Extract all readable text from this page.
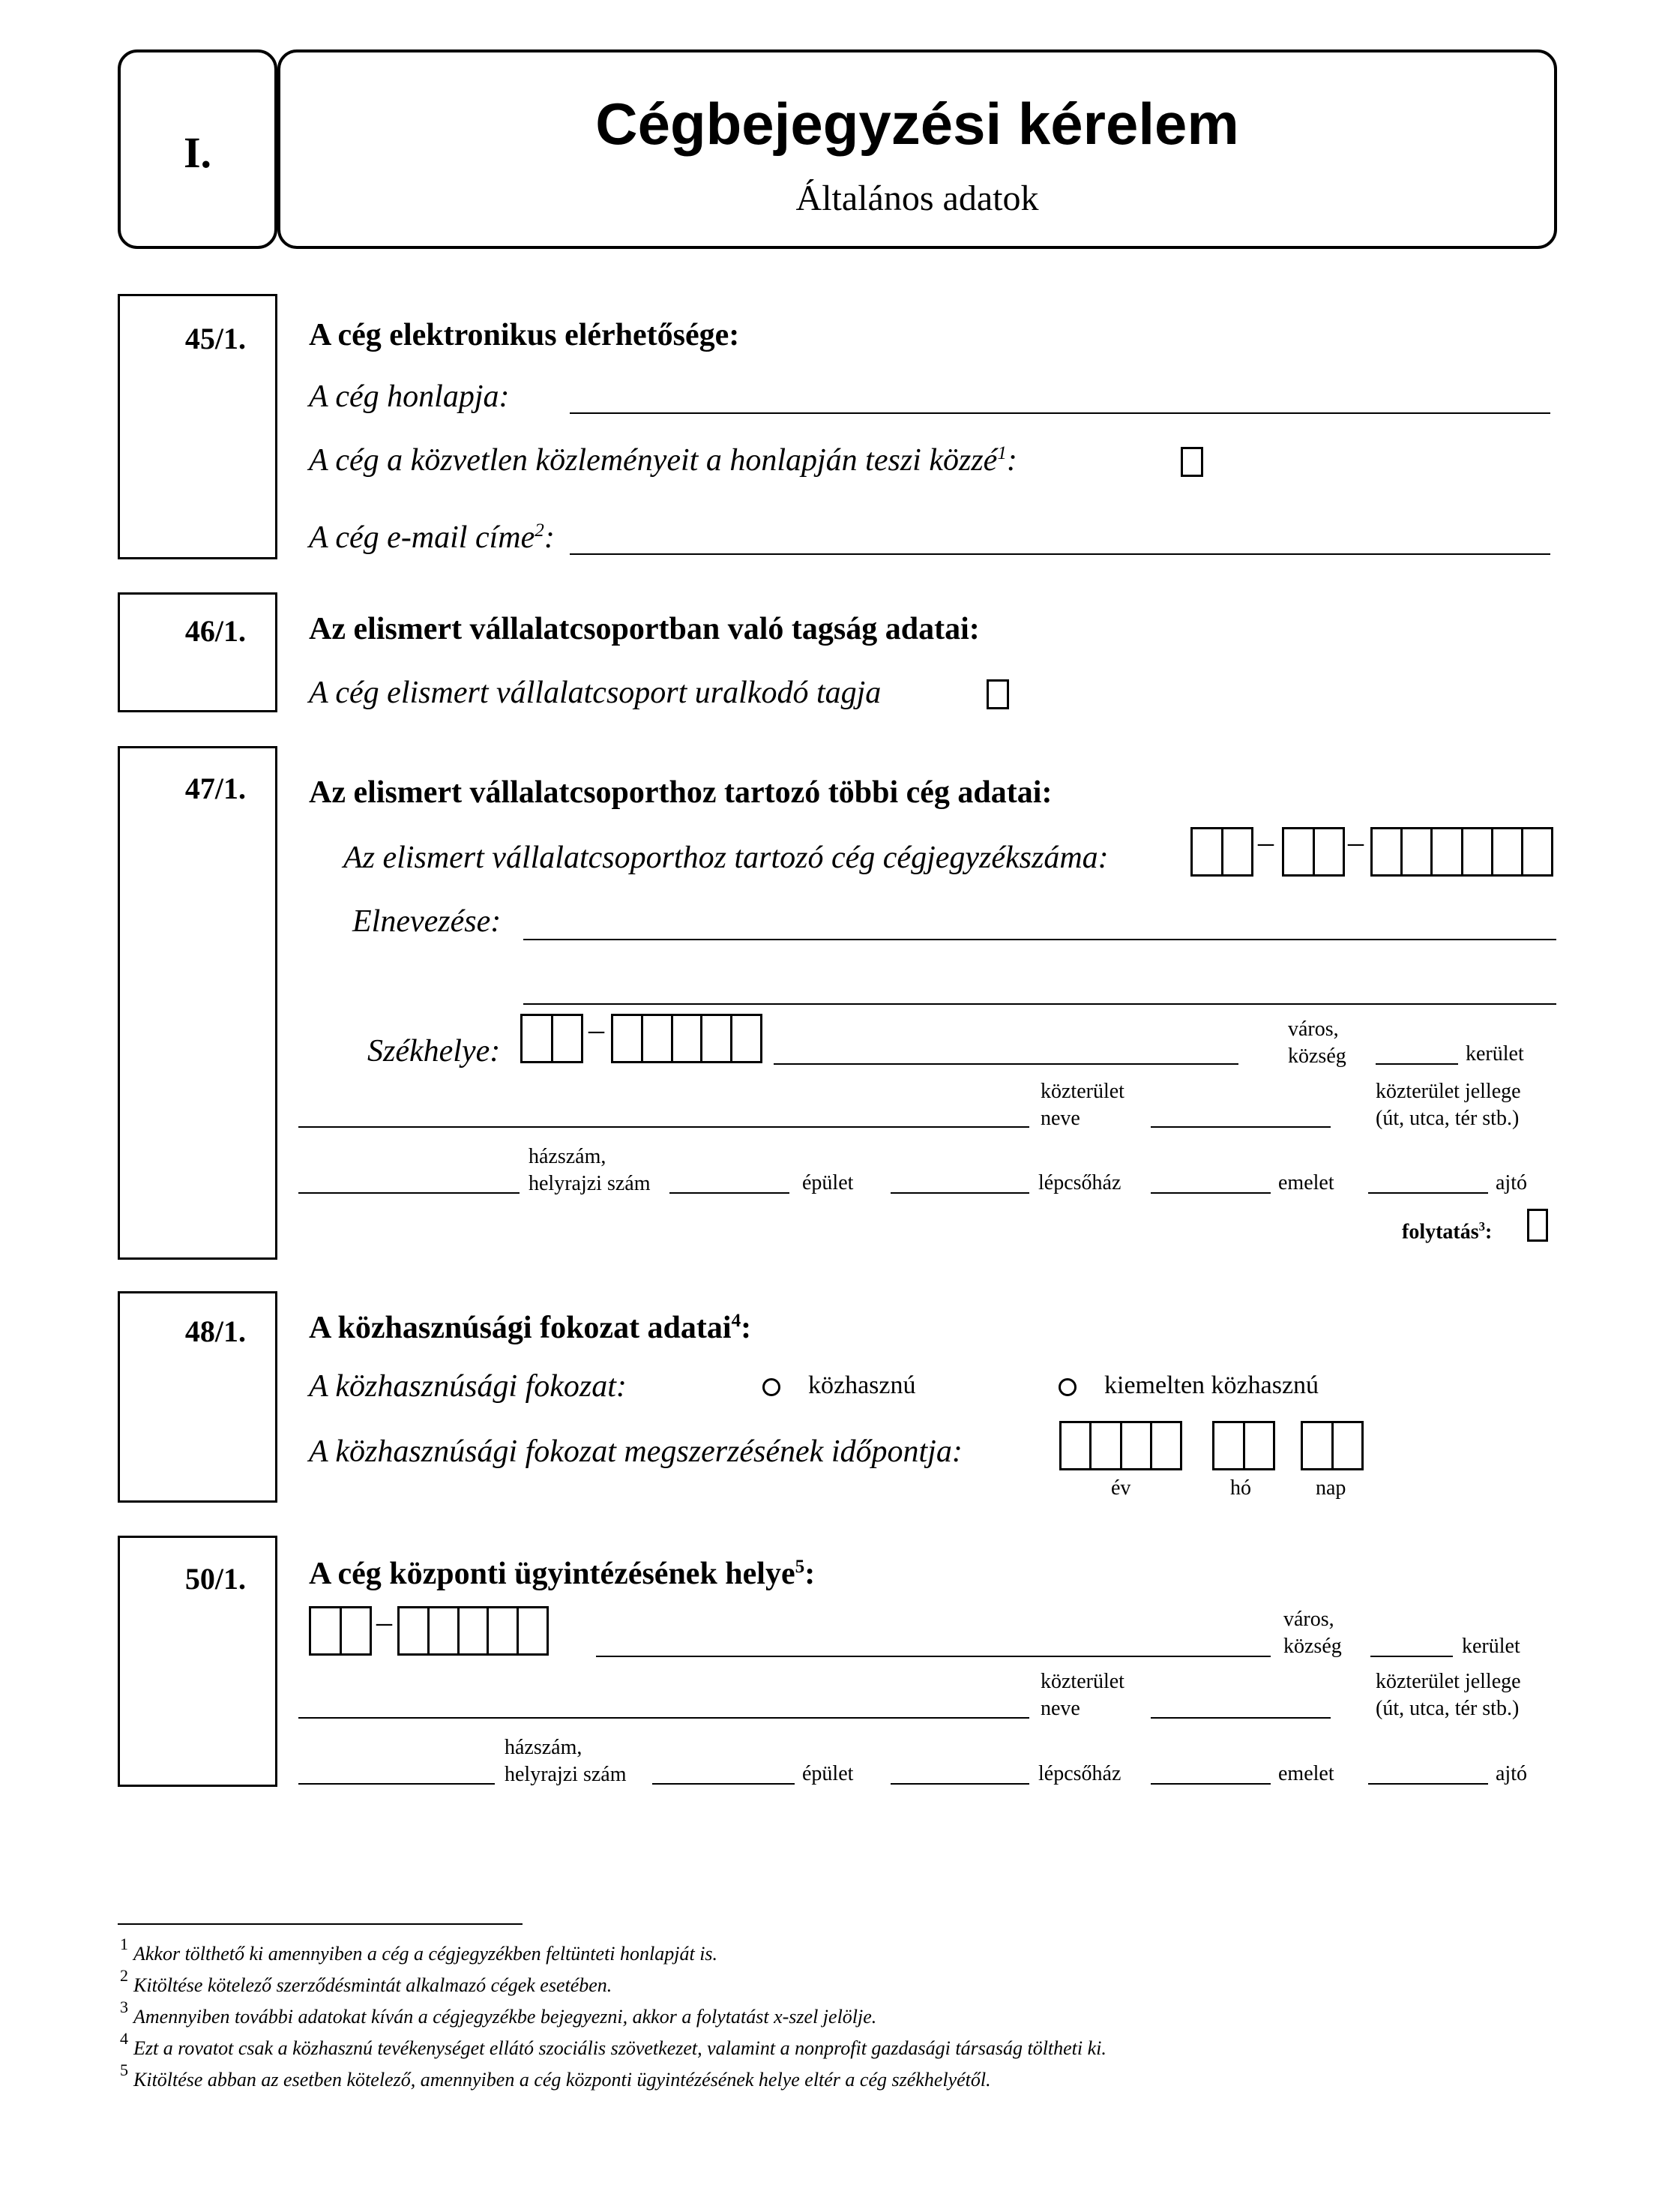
I.	Cégbejegyzési kérelem
Általános adatok
45/1. A cég elektronikus elérhetősége:
A cég honlapja:
A cég a közvetlen közleményeit a honlapján teszi közzé$^1$:
A cég e-mail címe$^2$:
46/1. Az elismert vállalatcsoportban való tagság adatai:
A cég elismert vállalatcsoport uralkodó tagja
47/1. Az elismert vállalatcsoporthoz tartozó többi cég adatai:
Az elismert vállalatcsoporthoz tartozó cég cégjegyzékszáma:	– –
Elnevezése:
Székhelye:
–	város,
község	kerület
közterület
neve
közterület jellege
(út, utca, tér stb.)
házszám,
helyrajzi szám	épület	lépcsőház	emelet	ajtó
folytatás$^3$:
48/1. A közhasznúsági fokozat adatai$^4$:
A közhasznúsági fokozat:	közhasznú	kiemelten közhasznú
A közhasznúsági fokozat megszerzésének időpontja:
év	hó	nap
50/1. A cég központi ügyintézésének helye$^5$:
–	város,
község	kerület
közterület
neve
közterület jellege
(út, utca, tér stb.)
házszám,
helyrajzi szám	épület	lépcsőház	emelet	ajtó
1 Akkor tölthető ki amennyiben a cég a cégjegyzékben feltünteti honlapját is.
2 Kitöltése kötelező szerződésmintát alkalmazó cégek esetében.
3 Amennyiben további adatokat kíván a cégjegyzékbe bejegyezni, akkor a folytatást x-szel jelölje.
4 Ezt a rovatot csak a közhasznú tevékenységet ellátó szociális szövetkezet, valamint a nonprofit gazdasági társaság töltheti ki.
5 Kitöltése abban az esetben kötelező, amennyiben a cég központi ügyintézésének helye eltér a cég székhelyétől.
